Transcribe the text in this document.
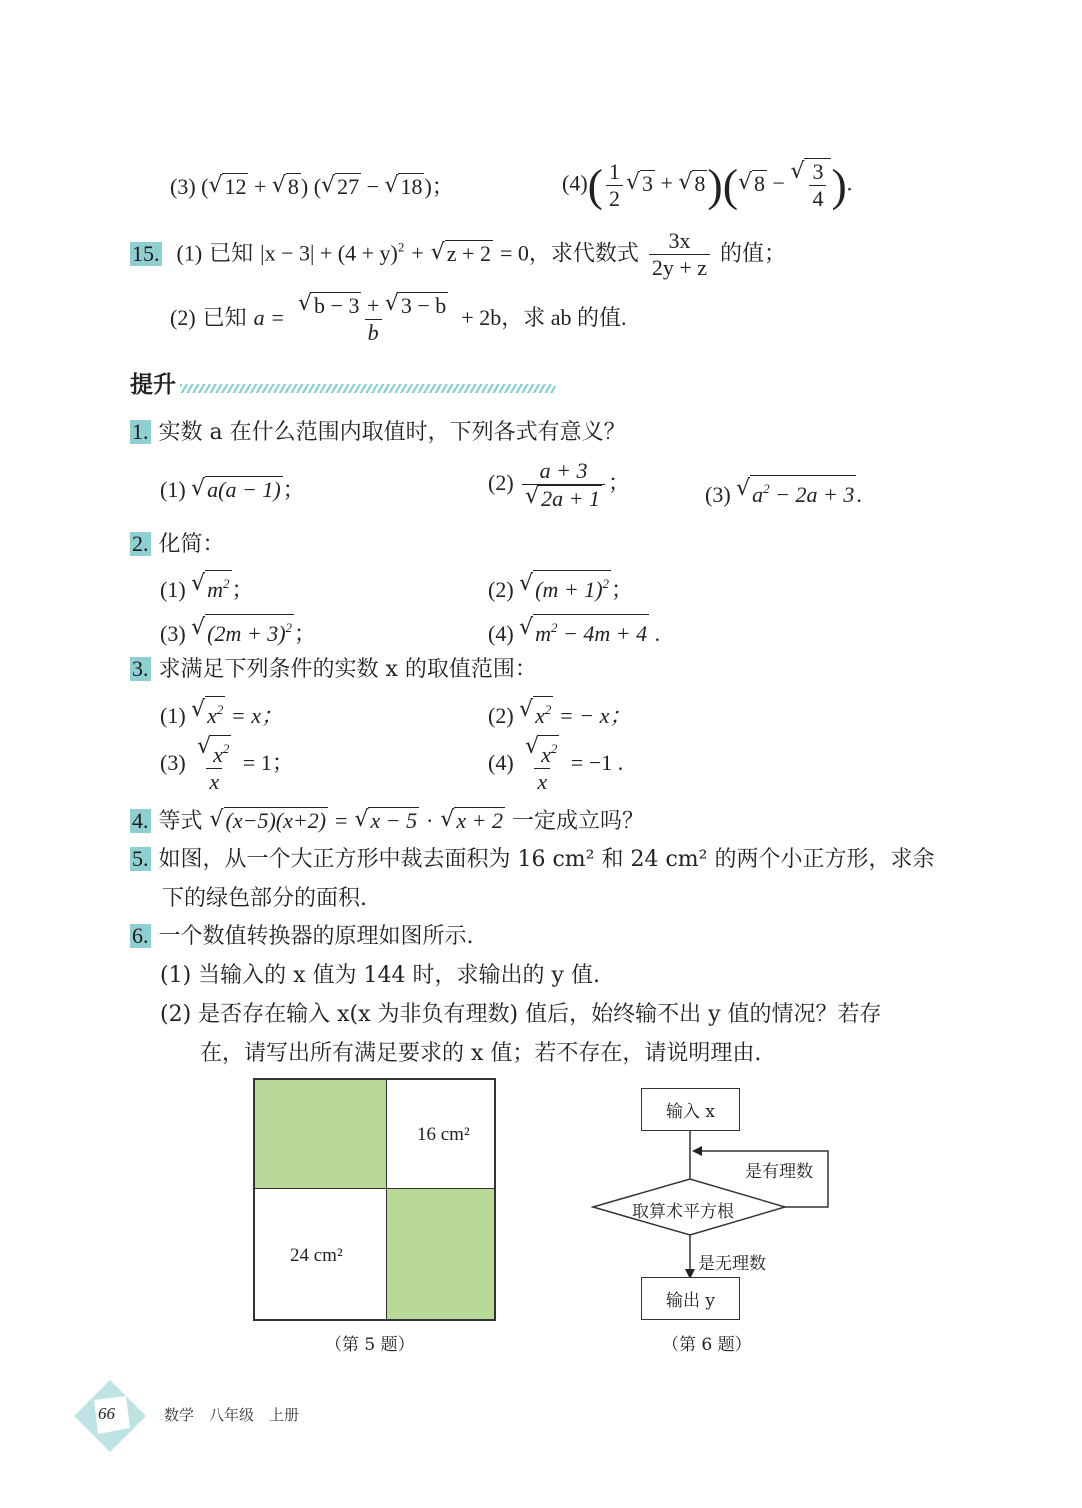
(3) ( √ 12 + √ 8) ( √ 27 − √ 18)；	$(4)( \frac{1}{2}$ √ 3 + √ 8)( √ 8 − √ $\frac{3}{4}$ ).
15. (1) 已知 $|x - 3| + (4 + y)^2$ + √ z + 2 = 0，求代数式 $\frac{3x}{2y + z}$ 的值；
(2) 已知 a = √ $\frac{b - 3 + √ 3 - b}{b} + 2b$，求 ab 的值.
提升
1. 实数 a 在什么范围内取值时，下列各式有意义？
(1) √ a(a − 1)；	(2) a + 3
√ 2a + 1 ；	(3) √ $a^2 - 2a + 3$.
2. 化简：
(1) √ $m^2$；	(2) √ $(m + 1)^2$；
(3) √ $(2m + 3)^2$；	(4) √ $m^2 - 4m + 4$ .
3. 求满足下列条件的实数 x 的取值范围：
(1) √ $x^2 = x$；	(2) √ $x^2$ = − x；
(3) √ $\frac{x^2}{x} = 1$；	(4) √ $\frac{x^2}{x} = -1$ .
4. 等式 √ (x−5)(x+2) = √ x − 5 · √ x + 2 一定成立吗？
5. 如图，从一个大正方形中裁去面积为 16 cm² 和 24 cm² 的两个小正方形，求余
下的绿色部分的面积.
6. 一个数值转换器的原理如图所示.
(1) 当输入的 x 值为 144 时，求输出的 y 值.
(2) 是否存在输入 x(x 为非负有理数) 值后，始终输不出 y 值的情况？若存
在，请写出所有满足要求的 x 值；若不存在，请说明理由.
16 cm²
24 cm²
（第 5 题）
输入 x
取算术平方根
是有理数
是无理数
输出 y
（第 6 题）
66	数学　八年级　上册
